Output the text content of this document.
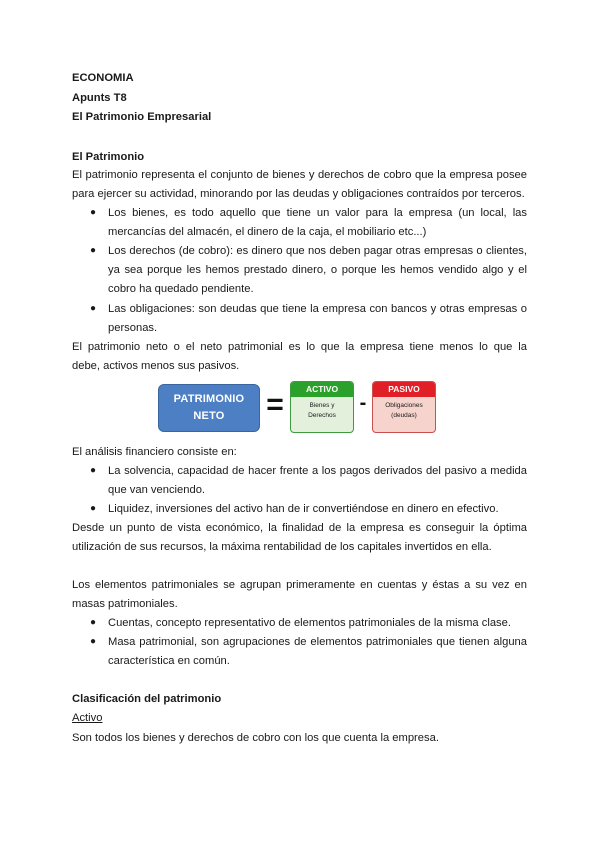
ECONOMIA
Apunts T8
El Patrimonio Empresarial
El Patrimonio
El patrimonio representa el conjunto de bienes y derechos de cobro que la empresa posee
para ejercer su actividad, minorando por las deudas y obligaciones contraídos por terceros.
● Los bienes, es todo aquello que tiene un valor para la empresa (un local, las
mercancías del almacén, el dinero de la caja, el mobiliario etc...)
● Los derechos (de cobro): es dinero que nos deben pagar otras empresas o clientes,
ya sea porque les hemos prestado dinero, o porque les hemos vendido algo y el
cobro ha quedado pendiente.
● Las obligaciones: son deudas que tiene la empresa con bancos y otras empresas o
personas.
El patrimonio neto o el neto patrimonial es lo que la empresa tiene menos lo que la
debe, activos menos sus pasivos.
PATRIMONIO
NETO	=	ACTIVO
Bienes y
Derechos
-
PASIVO
Obligaciones
(deudas)
El análisis financiero consiste en:
● La solvencia, capacidad de hacer frente a los pagos derivados del pasivo a medida
que van venciendo.
● Liquidez, inversiones del activo han de ir convertiéndose en dinero en efectivo.
Desde un punto de vista económico, la finalidad de la empresa es conseguir la óptima
utilización de sus recursos, la máxima rentabilidad de los capitales invertidos en ella.
Los elementos patrimoniales se agrupan primeramente en cuentas y éstas a su vez en
masas patrimoniales.
● Cuentas, concepto representativo de elementos patrimoniales de la misma clase.
● Masa patrimonial, son agrupaciones de elementos patrimoniales que tienen alguna
característica en común.
Clasificación del patrimonio
Activo
Son todos los bienes y derechos de cobro con los que cuenta la empresa.
